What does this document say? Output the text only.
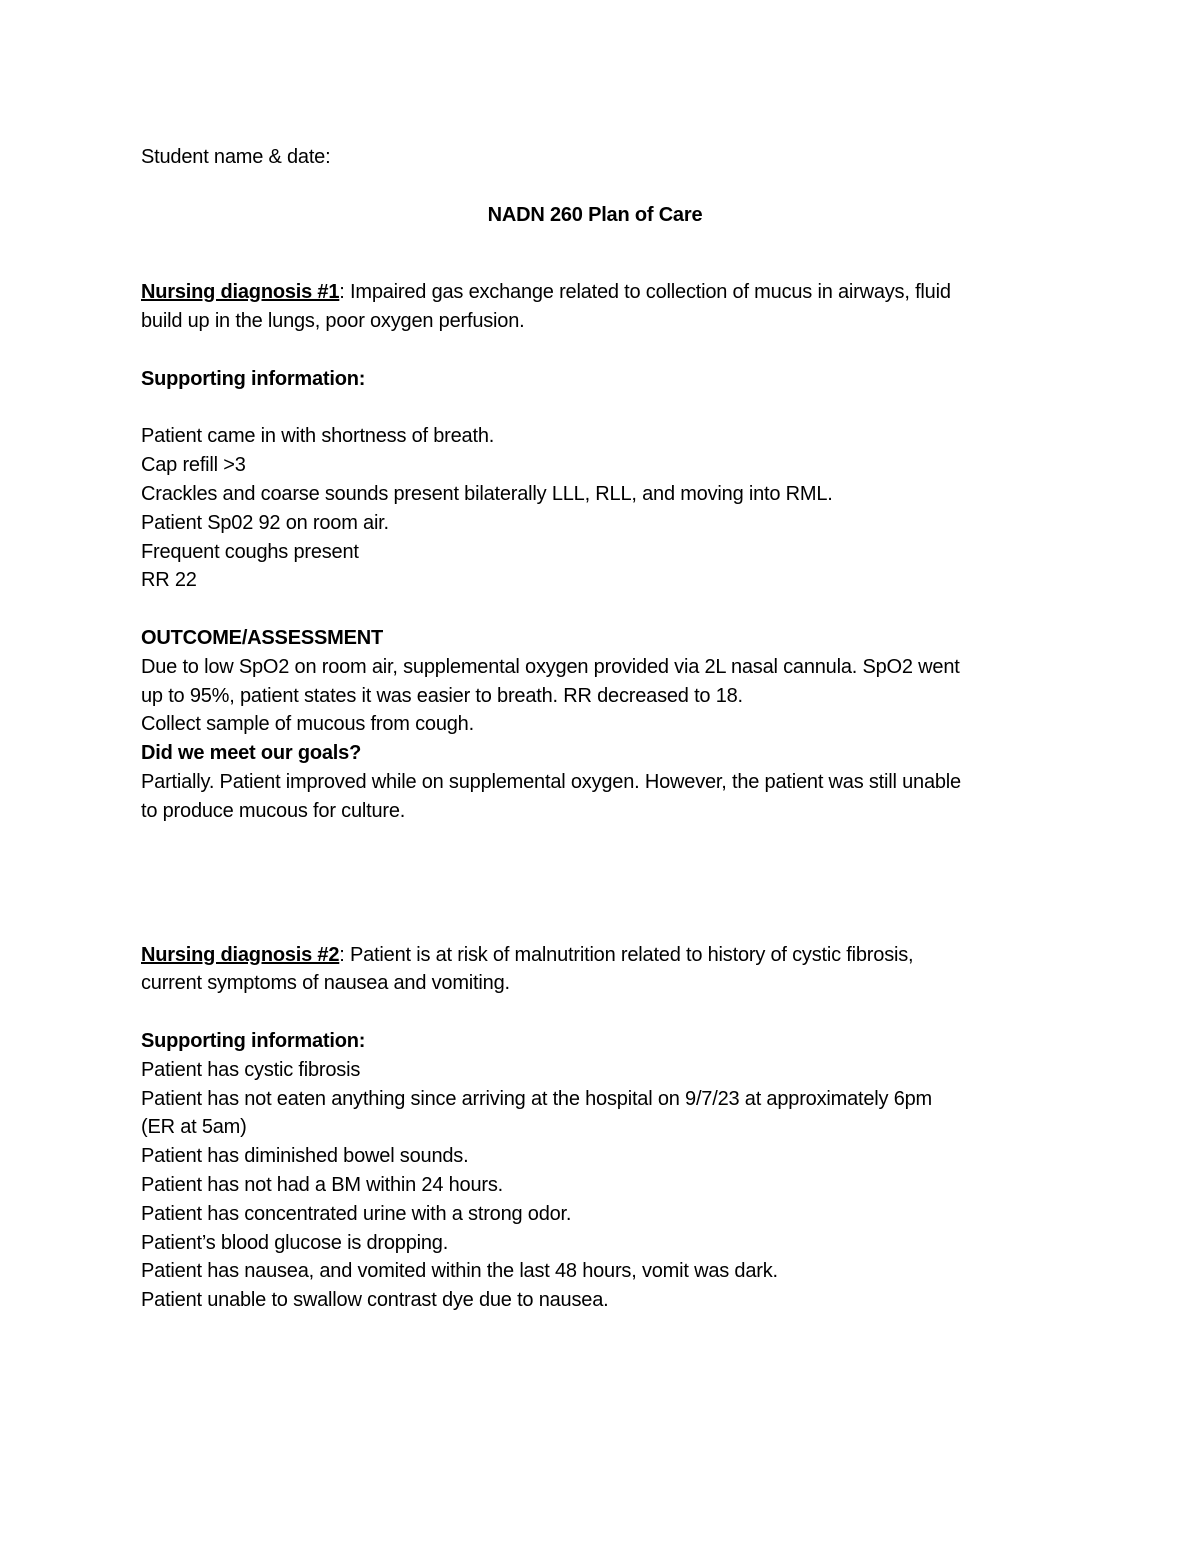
Student name & date:

NADN 260 Plan of Care

Nursing diagnosis #1: Impaired gas exchange related to collection of mucus in airways, fluid

build up in the lungs, poor oxygen perfusion.

Supporting information:

Patient came in with shortness of breath.

Cap refill >3

Crackles and coarse sounds present bilaterally LLL, RLL, and moving into RML.

Patient Sp02 92 on room air.

Frequent coughs present

RR 22

OUTCOME/ASSESSMENT

Due to low SpO2 on room air, supplemental oxygen provided via 2L nasal cannula. SpO2 went

up to 95%, patient states it was easier to breath. RR decreased to 18.

Collect sample of mucous from cough.

Did we meet our goals?

Partially. Patient improved while on supplemental oxygen. However, the patient was still unable

to produce mucous for culture.

Nursing diagnosis #2: Patient is at risk of malnutrition related to history of cystic fibrosis,

current symptoms of nausea and vomiting.

Supporting information:

Patient has cystic fibrosis

Patient has not eaten anything since arriving at the hospital on 9/7/23 at approximately 6pm

(ER at 5am)

Patient has diminished bowel sounds.

Patient has not had a BM within 24 hours.

Patient has concentrated urine with a strong odor.

Patient’s blood glucose is dropping.

Patient has nausea, and vomited within the last 48 hours, vomit was dark.

Patient unable to swallow contrast dye due to nausea.
